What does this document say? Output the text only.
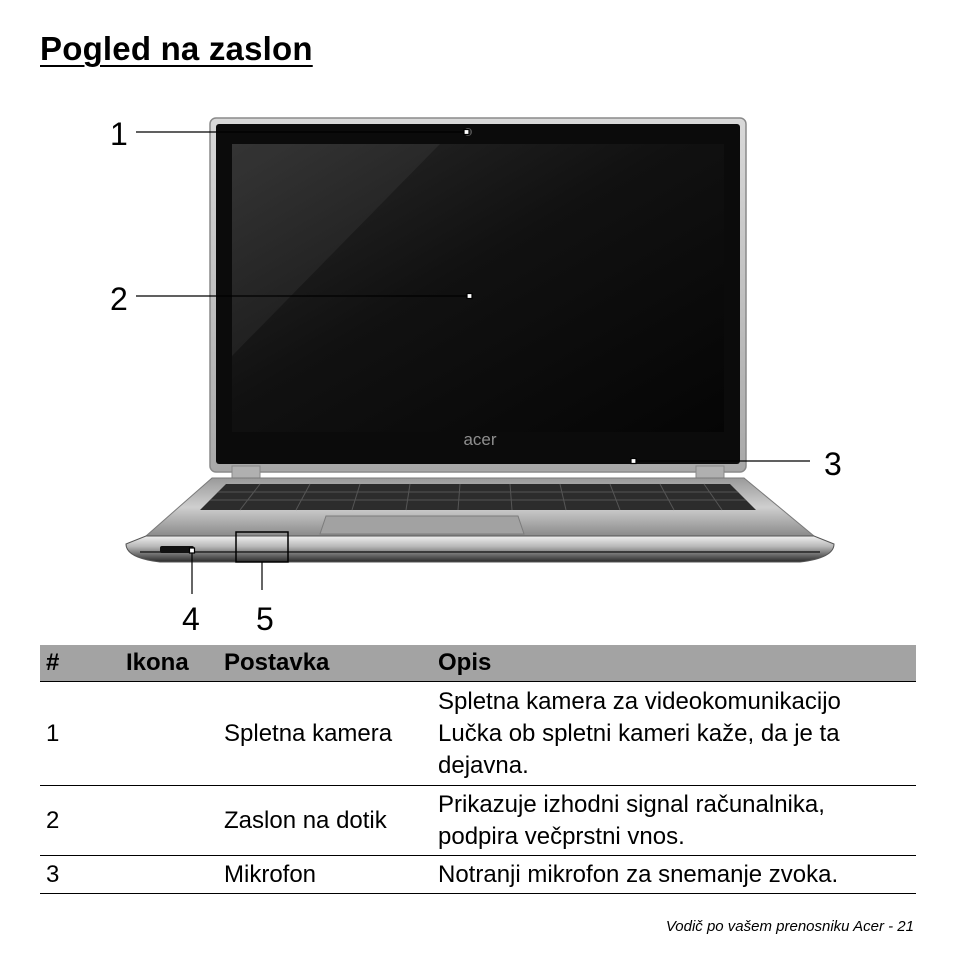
Pogled na zaslon
acer
1
2
3
4 5
#	Ikona	Postavka	Opis
1		Spletna kamera	Spletna kamera za videokomunikacijo
Lučka ob spletni kameri kaže, da je ta
dejavna.

2		Zaslon na dotik	Prikazuje izhodni signal računalnika,
podpira večprstni vnos.

3		Mikrofon	Notranji mikrofon za snemanje zvoka.
Vodič po vašem prenosniku Acer - 21
